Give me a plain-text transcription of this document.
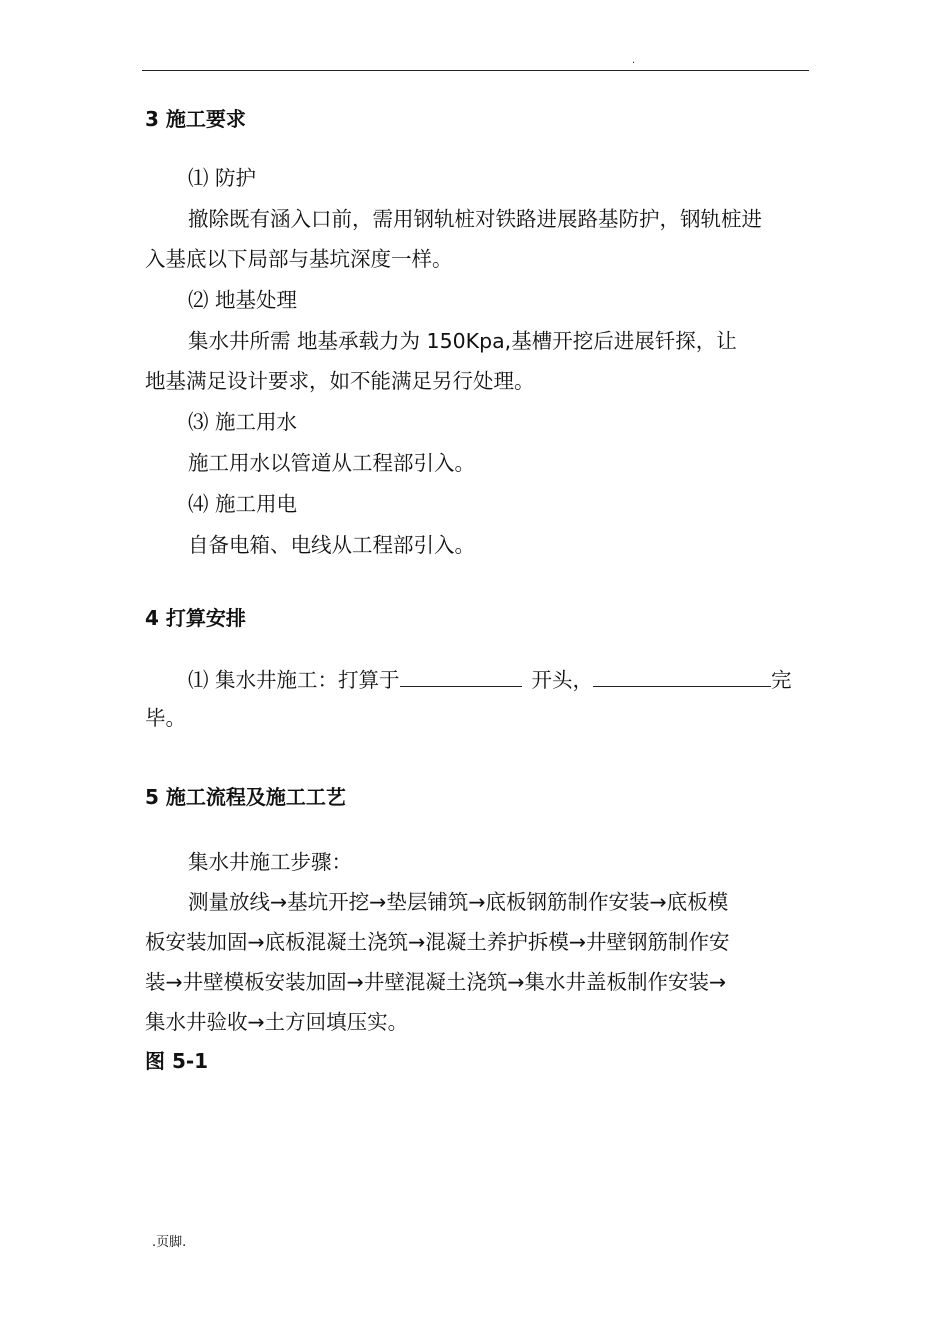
.
3 施工要求
⑴ 防护
撤除既有涵入口前，需用钢轨桩对铁路进展路基防护，钢轨桩进
入基底以下局部与基坑深度一样。
⑵ 地基处理
集水井所需 地基承载力为 150Kpa,基槽开挖后进展钎探，让
地基满足设计要求，如不能满足另行处理。
⑶ 施工用水
施工用水以管道从工程部引入。
⑷ 施工用电
自备电箱、电线从工程部引入。
4 打算安排
⑴ 集水井施工：打算于	开头，	完
毕。
5 施工流程及施工工艺
集水井施工步骤：
测量放线→基坑开挖→垫层铺筑→底板钢筋制作安装→底板模
板安装加固→底板混凝土浇筑→混凝土养护拆模→井壁钢筋制作安
装→井壁模板安装加固→井壁混凝土浇筑→集水井盖板制作安装→
集水井验收→土方回填压实。
图 5-1
.页脚.
